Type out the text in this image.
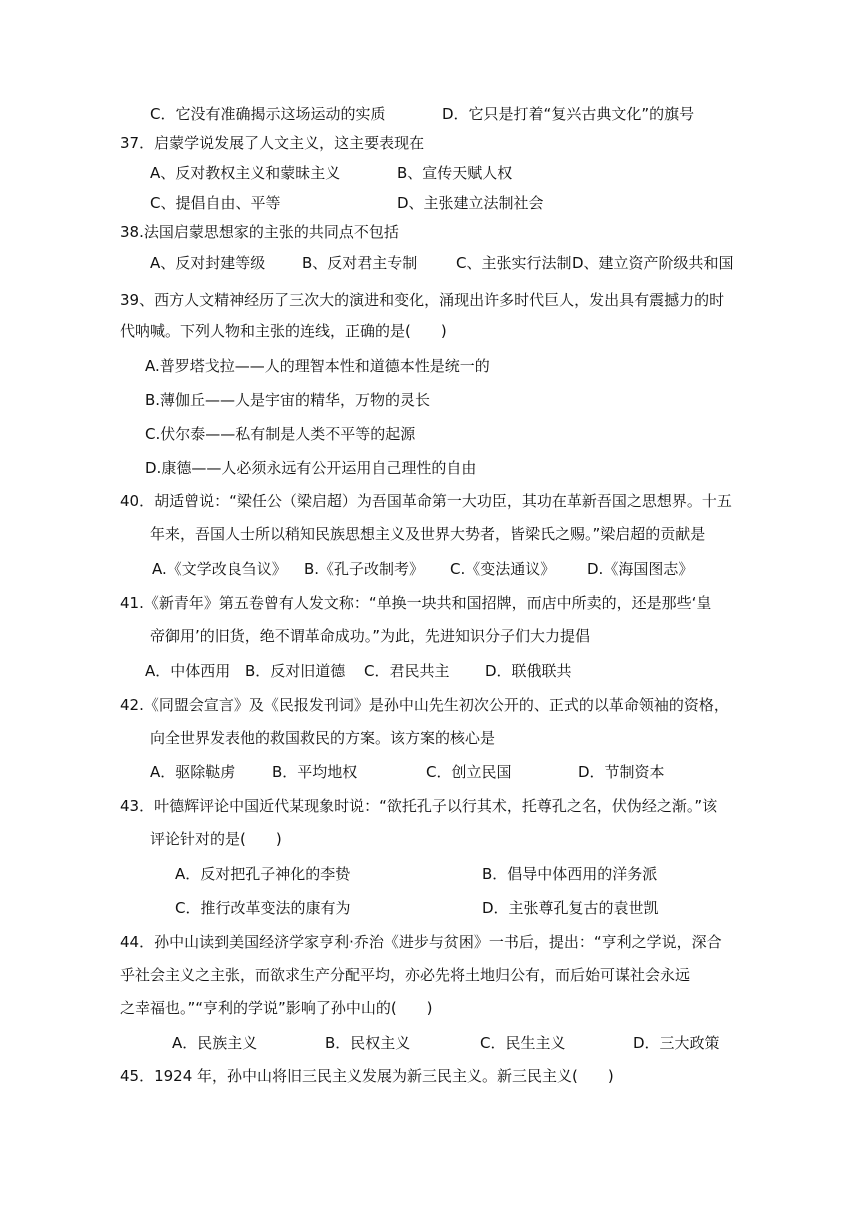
C．它没有准确揭示这场运动的实质	D．它只是打着“复兴古典文化”的旗号
37．启蒙学说发展了人文主义，这主要表现在
A、反对教权主义和蒙昧主义	B、宣传天赋人权
C、提倡自由、平等	D、主张建立法制社会
38.法国启蒙思想家的主张的共同点不包括
A、反对封建等级 B、反对君主专制	C、主张实行法制 D、建立资产阶级共和国
39、西方人文精神经历了三次大的演进和变化，涌现出许多时代巨人，发出具有震撼力的时
代呐喊。下列人物和主张的连线，正确的是(　　)
A.普罗塔戈拉——人的理智本性和道德本性是统一的
B.薄伽丘——人是宇宙的精华，万物的灵长
C.伏尔泰——私有制是人类不平等的起源
D.康德——人必须永远有公开运用自己理性的自由
40．胡适曾说：“梁任公（梁启超）为吾国革命第一大功臣，其功在革新吾国之思想界。十五
年来，吾国人士所以稍知民族思想主义及世界大势者，皆梁氏之赐。”梁启超的贡献是
A.《文学改良刍议》 B.《孔子改制考》 C.《变法通议》 D.《海国图志》
41.《新青年》第五卷曾有人发文称：“单换一块共和国招牌，而店中所卖的，还是那些‘皇
帝御用’的旧货，绝不谓革命成功。”为此，先进知识分子们大力提倡
A．中体西用 B．反对旧道德 C．君民共主 D．联俄联共
42.《同盟会宣言》及《民报发刊词》是孙中山先生初次公开的、正式的以革命领袖的资格，
向全世界发表他的救国救民的方案。该方案的核心是
A．驱除鞑虏 B．平均地权	C．创立民国	D．节制资本
43．叶德辉评论中国近代某现象时说：“欲托孔子以行其术，托尊孔之名，伏伪经之渐。”该
评论针对的是(　　)
A．反对把孔子神化的李贽	B．倡导中体西用的洋务派
C．推行改革变法的康有为	D．主张尊孔复古的袁世凯
44．孙中山读到美国经济学家亨利·乔治《进步与贫困》一书后，提出：“亨利之学说，深合
乎社会主义之主张，而欲求生产分配平均，亦必先将土地归公有，而后始可谋社会永远
之幸福也。”“亨利的学说”影响了孙中山的(　　)
A．民族主义	B．民权主义	C．民生主义	D．三大政策
45．1924 年，孙中山将旧三民主义发展为新三民主义。新三民主义(　　)
